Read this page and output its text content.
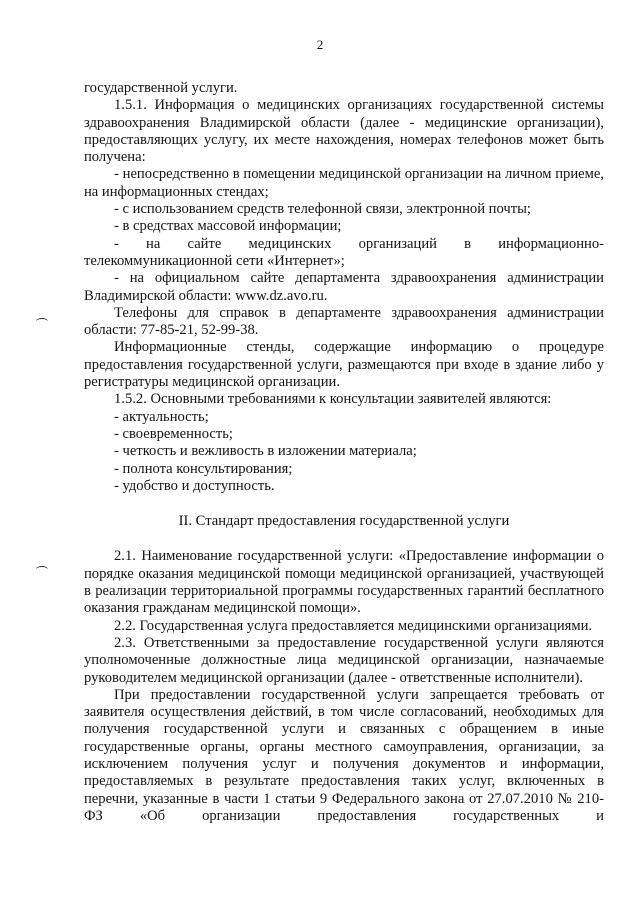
2

государственной услуги.

1.5.1. Информация о медицинских организациях государственной системы здравоохранения Владимирской области (далее - медицинские организации), предоставляющих услугу, их месте нахождения, номерах телефонов может быть получена:

- непосредственно в помещении медицинской организации на личном приеме, на информационных стендах;

- с использованием средств телефонной связи, электронной почты;

- в средствах массовой информации;

- на сайте медицинских организаций в информационно-телекоммуникационной сети «Интернет»;

- на официальном сайте департамента здравоохранения администрации Владимирской области: www.dz.avo.ru.

Телефоны для справок в департаменте здравоохранения администрации области: 77-85-21, 52-99-38.

Информационные стенды, содержащие информацию о процедуре предоставления государственной услуги, размещаются при входе в здание либо у регистратуры медицинской организации.

1.5.2. Основными требованиями к консультации заявителей являются:

- актуальность;

- своевременность;

- четкость и вежливость в изложении материала;

- полнота консультирования;

- удобство и доступность.

II. Стандарт предоставления государственной услуги

2.1. Наименование государственной услуги: «Предоставление информации о порядке оказания медицинской помощи медицинской организацией, участвующей в реализации территориальной программы государственных гарантий бесплатного оказания гражданам медицинской помощи».

2.2. Государственная услуга предоставляется медицинскими организациями.

2.3. Ответственными за предоставление государственной услуги являются уполномоченные должностные лица медицинской организации, назначаемые руководителем медицинской организации (далее - ответственные исполнители).

При предоставлении государственной услуги запрещается требовать от заявителя осуществления действий, в том числе согласований, необходимых для получения государственной услуги и связанных с обращением в иные государственные органы, органы местного самоуправления, организации, за исключением получения услуг и получения документов и информации, предоставляемых в результате предоставления таких услуг, включенных в перечни, указанные в части 1 статьи 9 Федерального закона от 27.07.2010 № 210-ФЗ «Об организации предоставления государственных и
